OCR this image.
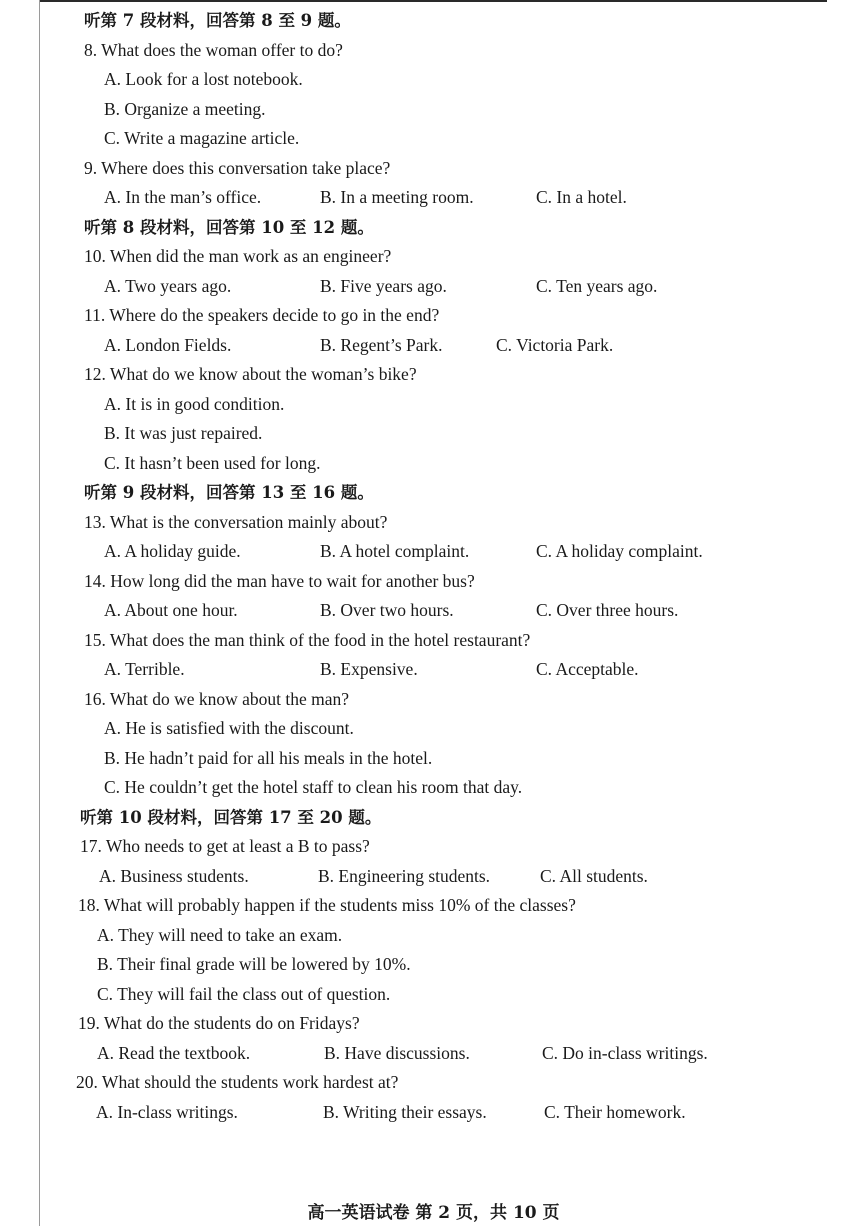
听第 7 段材料，回答第 8 至 9 题。
8. What does the woman offer to do?
A. Look for a lost notebook.
B. Organize a meeting.
C. Write a magazine article.
9. Where does this conversation take place?
A. In the man’s office.	B. In a meeting room.	C. In a hotel.
听第 8 段材料，回答第 10 至 12 题。
10. When did the man work as an engineer?
A. Two years ago.	B. Five years ago.	C. Ten years ago.
11. Where do the speakers decide to go in the end?
A. London Fields.	B. Regent’s Park.	C. Victoria Park.
12. What do we know about the woman’s bike?
A. It is in good condition.
B. It was just repaired.
C. It hasn’t been used for long.
听第 9 段材料，回答第 13 至 16 题。
13. What is the conversation mainly about?
A. A holiday guide.	B. A hotel complaint.	C. A holiday complaint.
14. How long did the man have to wait for another bus?
A. About one hour.	B. Over two hours.	C. Over three hours.
15. What does the man think of the food in the hotel restaurant?
A. Terrible.	B. Expensive.	C. Acceptable.
16. What do we know about the man?
A. He is satisfied with the discount.
B. He hadn’t paid for all his meals in the hotel.
C. He couldn’t get the hotel staff to clean his room that day.
听第 10 段材料，回答第 17 至 20 题。
17. Who needs to get at least a B to pass?
A. Business students.	B. Engineering students.	C. All students.
18. What will probably happen if the students miss 10% of the classes?
A. They will need to take an exam.
B. Their final grade will be lowered by 10%.
C. They will fail the class out of question.
19. What do the students do on Fridays?
A. Read the textbook.	B. Have discussions.	C. Do in-class writings.
20. What should the students work hardest at?
A. In-class writings.	B. Writing their essays.	C. Their homework.
高一英语试卷 第 2 页，共 10 页
